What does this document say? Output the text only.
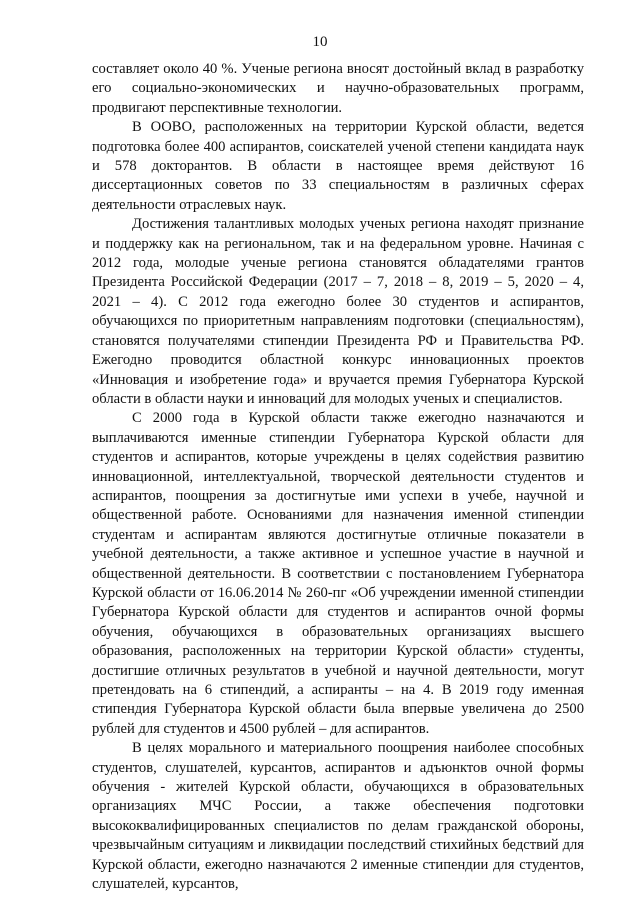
10

составляет около 40 %. Ученые региона вносят достойный вклад в разработку его социально-экономических и научно-образовательных программ, продвигают перспективные технологии.

В ООВО, расположенных на территории Курской области, ведется подготовка более 400 аспирантов, соискателей ученой степени кандидата наук и 578 докторантов. В области в настоящее время действуют 16 диссертационных советов по 33 специальностям в различных сферах деятельности отраслевых наук.

Достижения талантливых молодых ученых региона находят признание и поддержку как на региональном, так и на федеральном уровне. Начиная с 2012 года, молодые ученые региона становятся обладателями грантов Президента Российской Федерации (2017 – 7, 2018 – 8, 2019 – 5, 2020 – 4, 2021 – 4). С 2012 года ежегодно более 30 студентов и аспирантов, обучающихся по приоритетным направлениям подготовки (специальностям), становятся получателями стипендии Президента РФ и Правительства РФ. Ежегодно проводится областной конкурс инновационных проектов «Инновация и изобретение года» и вручается премия Губернатора Курской области в области науки и инноваций для молодых ученых и специалистов.

С 2000 года в Курской области также ежегодно назначаются и выплачиваются именные стипендии Губернатора Курской области для студентов и аспирантов, которые учреждены в целях содействия развитию инновационной, интеллектуальной, творческой деятельности студентов и аспирантов, поощрения за достигнутые ими успехи в учебе, научной и общественной работе. Основаниями для назначения именной стипендии студентам и аспирантам являются достигнутые отличные показатели в учебной деятельности, а также активное и успешное участие в научной и общественной деятельности. В соответствии с постановлением Губернатора Курской области от 16.06.2014 № 260-пг «Об учреждении именной стипендии Губернатора Курской области для студентов и аспирантов очной формы обучения, обучающихся в образовательных организациях высшего образования, расположенных на территории Курской области» студенты, достигшие отличных результатов в учебной и научной деятельности, могут претендовать на 6 стипендий, а аспиранты – на 4. В 2019 году именная стипендия Губернатора Курской области была впервые увеличена до 2500 рублей для студентов и 4500 рублей – для аспирантов.

В целях морального и материального поощрения наиболее способных студентов, слушателей, курсантов, аспирантов и адъюнктов очной формы обучения - жителей Курской области, обучающихся в образовательных организациях МЧС России, а также обеспечения подготовки высококвалифицированных специалистов по делам гражданской обороны, чрезвычайным ситуациям и ликвидации последствий стихийных бедствий для Курской области, ежегодно назначаются 2 именные стипендии для студентов, слушателей, курсантов,
